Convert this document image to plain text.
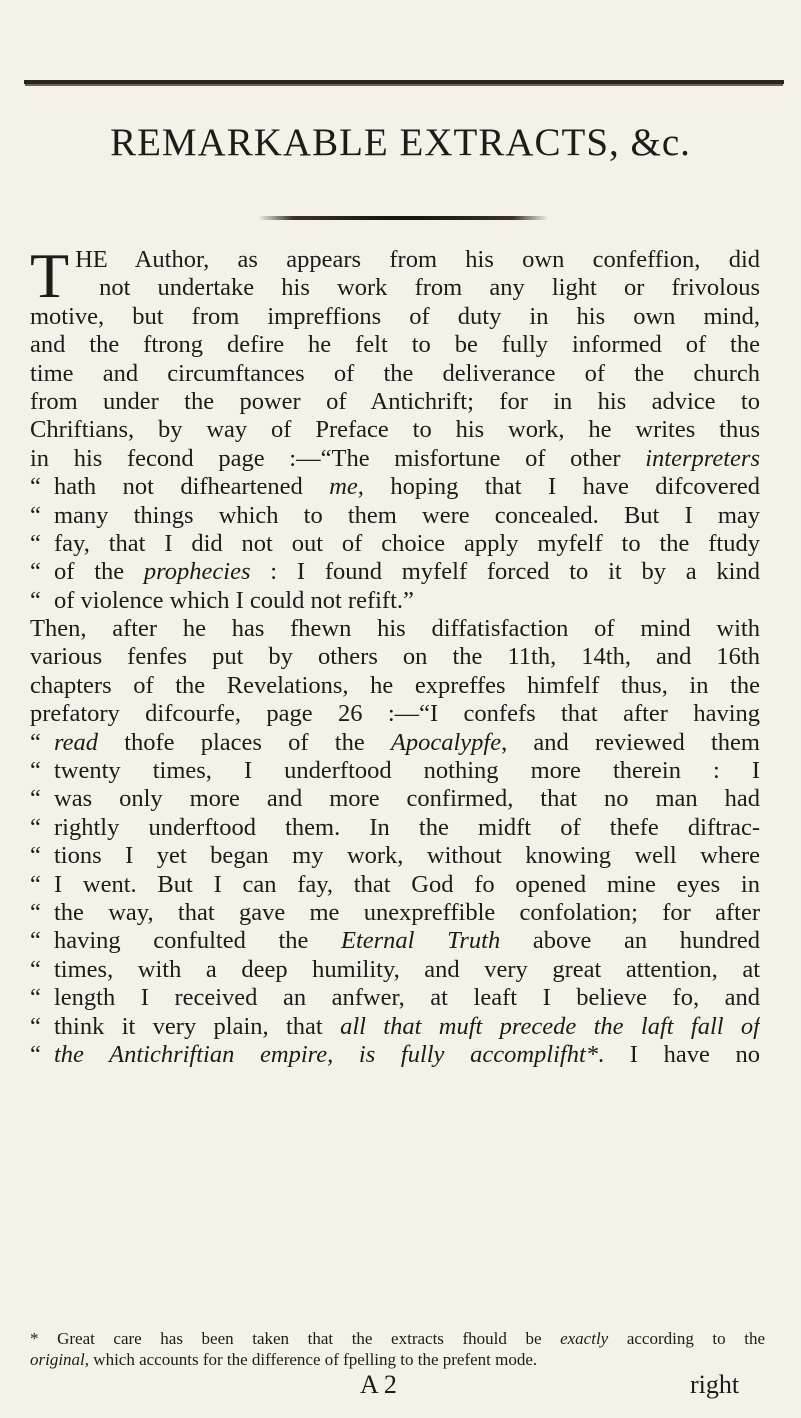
REMARKABLE EXTRACTS, &c.
T HE Author, as appears from his own confeffion, did
not undertake his work from any light or frivolous
motive, but from impreffions of duty in his own mind,
and the ftrong defire he felt to be fully informed of the
time and circumftances of the deliverance of the church
from under the power of Antichrift; for in his advice to
Chriftians, by way of Preface to his work, he writes thus
in his fecond page :—“The misfortune of other interpreters
“ hath not difheartened me, hoping that I have difcovered
“ many things which to them were concealed. But I may
“ fay, that I did not out of choice apply myfelf to the ftudy
“ of the prophecies : I found myfelf forced to it by a kind
“ of violence which I could not refift.”
Then, after he has fhewn his diffatisfaction of mind with
various fenfes put by others on the 11th, 14th, and 16th
chapters of the Revelations, he expreffes himfelf thus, in the
prefatory difcourfe, page 26 :—“I confefs that after having
“ read thofe places of the Apocalypfe, and reviewed them
“ twenty times, I underftood nothing more therein : I
“ was only more and more confirmed, that no man had
“ rightly underftood them. In the midft of thefe diftrac-
“ tions I yet began my work, without knowing well where
“ I went. But I can fay, that God fo opened mine eyes in
“ the way, that gave me unexpreffible confolation; for after
“ having confulted the Eternal Truth above an hundred
“ times, with a deep humility, and very great attention, at
“ length I received an anfwer, at leaft I believe fo, and
“ think it very plain, that all that muft precede the laft fall of
“ the Antichriftian empire, is fully accomplifht*. I have no
* Great care has been taken that the extracts fhould be exactly according to the
original, which accounts for the difference of fpelling to the prefent mode.
A 2	right
